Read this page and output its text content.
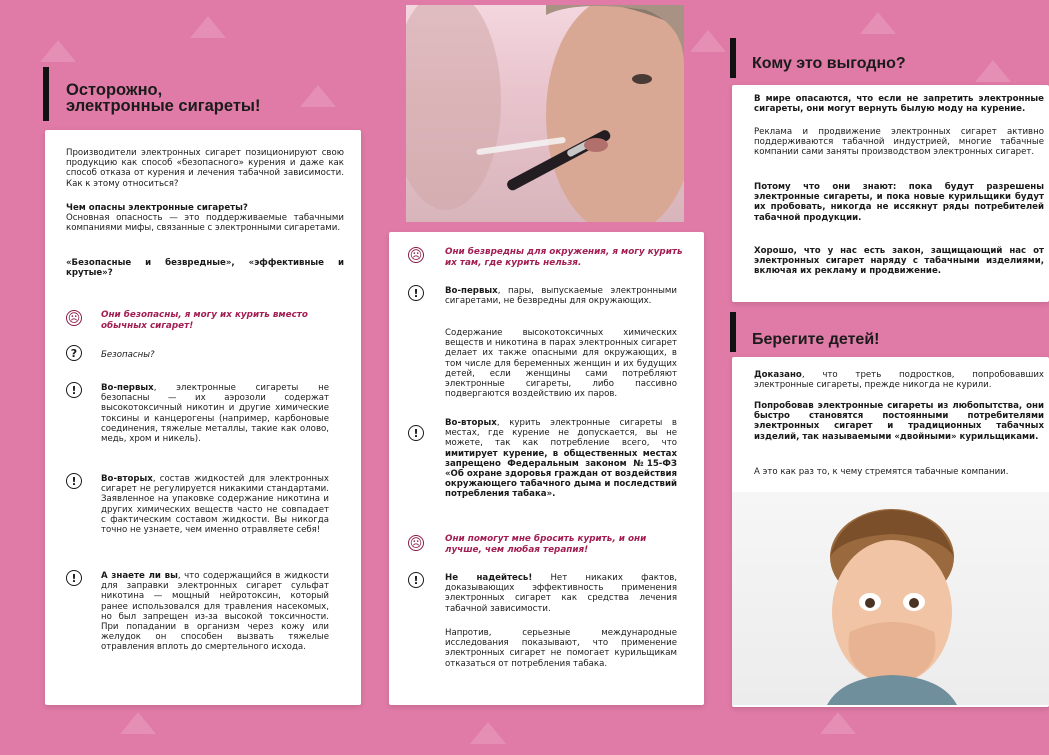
Осторожно,
электронные сигареты!
Производители электронных сигарет позиционируют свою продукцию как способ «безопасного» курения и даже как способ отказа от курения и лечения табачной зависимости. Как к этому относиться?
Чем опасны электронные сигареты?
Основная опасность — это поддерживаемые табачными компаниями мифы, связанные с электронными сигаретами.
«Безопасные и безвредные», «эффективные и крутые»?
☹ Они безопасны, я могу их курить вместо обычных сигарет!
?	Безопасны?
!	Во-первых, электронные сигареты не безопасны — их аэрозоли содержат высокотоксичный никотин и другие химические токсины и канцерогены (например, карбоновые соединения, тяжелые металлы, такие как олово, медь, хром и никель).
!	Во-вторых, состав жидкостей для электронных сигарет не регулируется никакими стандартами. Заявленное на упаковке содержание никотина и других химических веществ часто не совпадает с фактическим составом жидкости. Вы никогда точно не узнаете, чем именно отравляете себя!
!	А знаете ли вы, что содержащийся в жидкости для заправки электронных сигарет сульфат никотина — мощный нейротоксин, который ранее использовался для травления насекомых, но был запрещен из-за высокой токсичности. При попадании в организм через кожу или желудок он способен вызвать тяжелые отравления вплоть до смертельного исхода.
☹	Они безвредны для окружения, я могу курить их там, где курить нельзя.
!	Во-первых, пары, выпускаемые электронными сигаретами, не безвредны для окружающих.
Содержание высокотоксичных химических веществ и никотина в парах электронных сигарет делает их также опасными для окружающих, в том числе для беременных женщин и их будущих детей, если женщины сами потребляют электронные сигареты, либо пассивно подвергаются воздействию их паров.
!
Во-вторых, курить электронные сигареты в местах, где курение не допускается, вы не можете, так как потребление всего, что имитирует курение, в общественных местах запрещено Федеральным законом №15-ФЗ «Об охране здоровья граждан от воздействия окружающего табачного дыма и последствий потребления табака».
☹	Они помогут мне бросить курить, и они лучше, чем любая терапия!
!	Не надейтесь! Нет никаких фактов, доказывающих эффективность применения электронных сигарет как средства лечения табачной зависимости.
Напротив, серьезные международные исследования показывают, что применение электронных сигарет не помогает курильщикам отказаться от потребления табака.
Кому это выгодно?
В мире опасаются, что если не запретить электронные сигареты, они могут вернуть былую моду на курение.
Реклама и продвижение электронных сигарет активно поддерживаются табачной индустрией, многие табачные компании сами заняты производством электронных сигарет.
Потому что они знают: пока будут разрешены электронные сигареты, и пока новые курильщики будут их пробовать, никогда не иссякнут ряды потребителей табачной продукции.
Хорошо, что у нас есть закон, защищающий нас от электронных сигарет наряду с табачными изделиями, включая их рекламу и продвижение.
Берегите детей!
Доказано, что треть подростков, попробовавших электронные сигареты, прежде никогда не курили.
Попробовав электронные сигареты из любопытства, они быстро становятся постоянными потребителями электронных сигарет и традиционных табачных изделий, так называемыми «двойными» курильщиками.
А это как раз то, к чему стремятся табачные компании.
